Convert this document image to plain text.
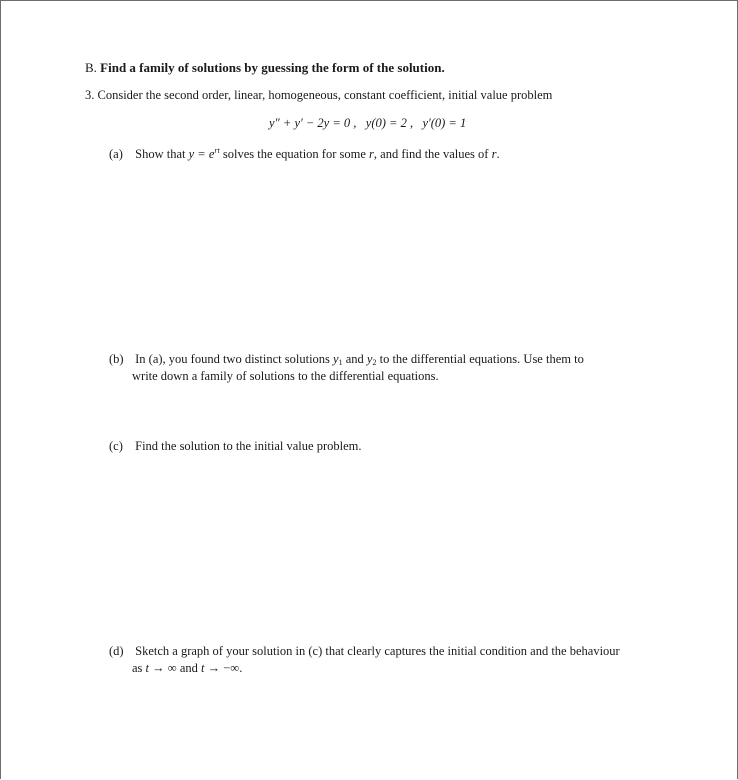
B. Find a family of solutions by guessing the form of the solution.
3. Consider the second order, linear, homogeneous, constant coefficient, initial value problem
y″ + y′ − 2y = 0 , y(0) = 2 , y′(0) = 1
(a) Show that $y = e^{rt}$ solves the equation for some r, and find the values of r.
(b) In (a), you found two distinct solutions $y_1$ and $y_2$ to the differential equations. Use them to
write down a family of solutions to the differential equations.
(c) Find the solution to the initial value problem.
(d) Sketch a graph of your solution in (c) that clearly captures the initial condition and the behaviour
as t → ∞ and t → −∞.
